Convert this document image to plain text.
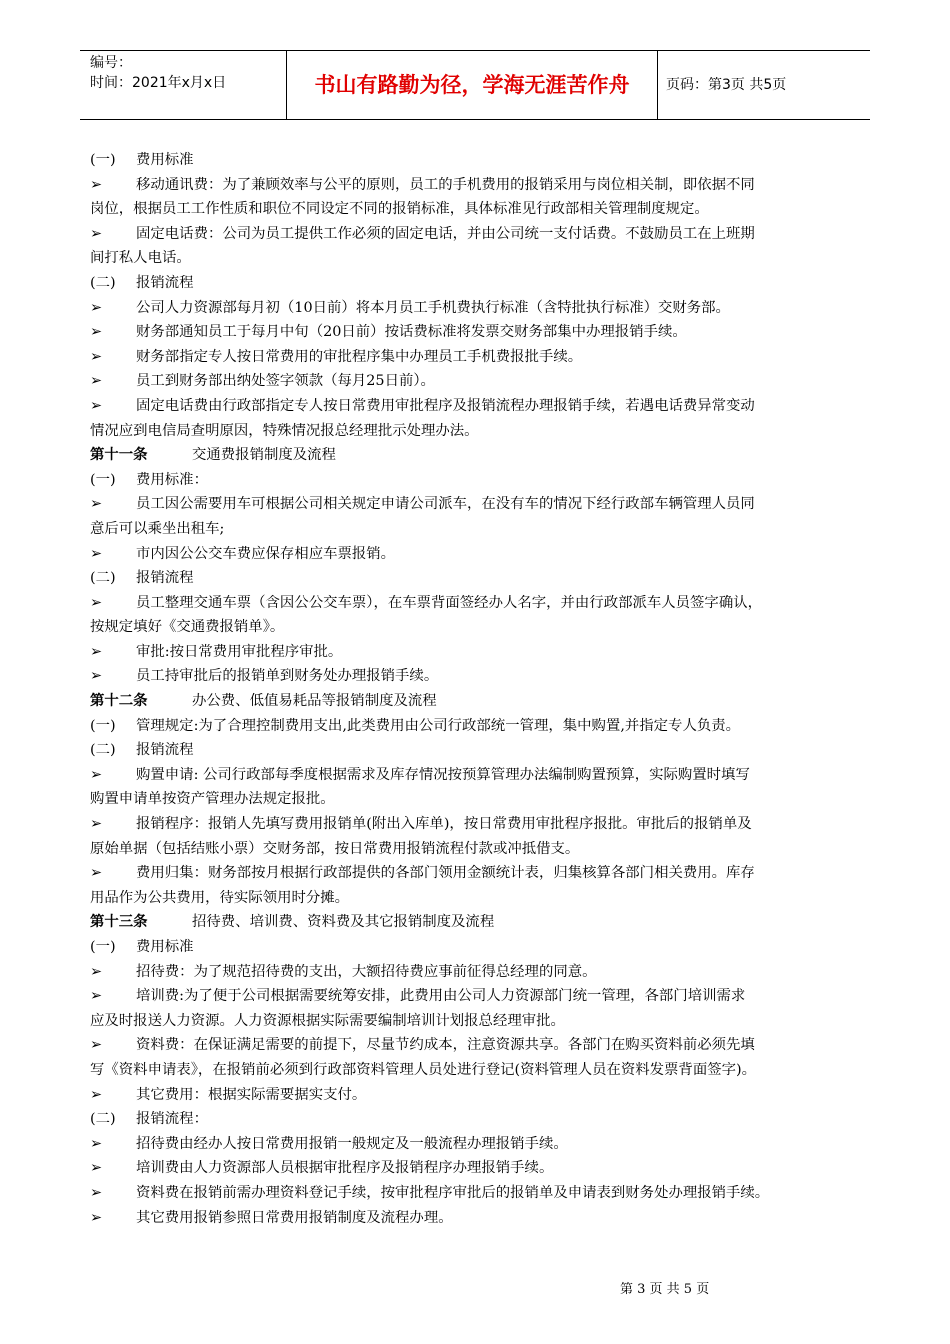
编号：
时间：2021年x月x日	书山有路勤为径，学海无涯苦作舟	页码：第3页 共5页
(一) 费用标准
➢ 移动通讯费：为了兼顾效率与公平的原则，员工的手机费用的报销采用与岗位相关制，即依据不同
岗位，根据员工工作性质和职位不同设定不同的报销标准，具体标准见行政部相关管理制度规定。
➢ 固定电话费：公司为员工提供工作必须的固定电话，并由公司统一支付话费。不鼓励员工在上班期
间打私人电话。
(二) 报销流程
➢ 公司人力资源部每月初（10日前）将本月员工手机费执行标准（含特批执行标准）交财务部。
➢ 财务部通知员工于每月中旬（20日前）按话费标准将发票交财务部集中办理报销手续。
➢ 财务部指定专人按日常费用的审批程序集中办理员工手机费报批手续。
➢ 员工到财务部出纳处签字领款（每月25日前）。
➢ 固定电话费由行政部指定专人按日常费用审批程序及报销流程办理报销手续，若遇电话费异常变动
情况应到电信局查明原因，特殊情况报总经理批示处理办法。
第十一条	交通费报销制度及流程
(一) 费用标准：
➢ 员工因公需要用车可根据公司相关规定申请公司派车，在没有车的情况下经行政部车辆管理人员同
意后可以乘坐出租车;
➢ 市内因公公交车费应保存相应车票报销。
(二) 报销流程
➢ 员工整理交通车票（含因公公交车票），在车票背面签经办人名字，并由行政部派车人员签字确认，
按规定填好《交通费报销单》。
➢ 审批:按日常费用审批程序审批。
➢ 员工持审批后的报销单到财务处办理报销手续。
第十二条	办公费、低值易耗品等报销制度及流程
(一) 管理规定:为了合理控制费用支出,此类费用由公司行政部统一管理，集中购置,并指定专人负责。
(二) 报销流程
➢ 购置申请: 公司行政部每季度根据需求及库存情况按预算管理办法编制购置预算，实际购置时填写
购置申请单按资产管理办法规定报批。
➢ 报销程序：报销人先填写费用报销单(附出入库单)，按日常费用审批程序报批。审批后的报销单及
原始单据（包括结账小票）交财务部，按日常费用报销流程付款或冲抵借支。
➢ 费用归集：财务部按月根据行政部提供的各部门领用金额统计表，归集核算各部门相关费用。库存
用品作为公共费用，待实际领用时分摊。
第十三条	招待费、培训费、资料费及其它报销制度及流程
(一) 费用标准
➢ 招待费：为了规范招待费的支出，大额招待费应事前征得总经理的同意。
➢ 培训费:为了便于公司根据需要统筹安排，此费用由公司人力资源部门统一管理，各部门培训需求
应及时报送人力资源。人力资源根据实际需要编制培训计划报总经理审批。
➢ 资料费：在保证满足需要的前提下，尽量节约成本，注意资源共享。各部门在购买资料前必须先填
写《资料申请表》，在报销前必须到行政部资料管理人员处进行登记(资料管理人员在资料发票背面签字)。
➢ 其它费用：根据实际需要据实支付。
(二) 报销流程：
➢ 招待费由经办人按日常费用报销一般规定及一般流程办理报销手续。
➢ 培训费由人力资源部人员根据审批程序及报销程序办理报销手续。
➢ 资料费在报销前需办理资料登记手续，按审批程序审批后的报销单及申请表到财务处办理报销手续。
➢ 其它费用报销参照日常费用报销制度及流程办理。
第 3 页 共 5 页
